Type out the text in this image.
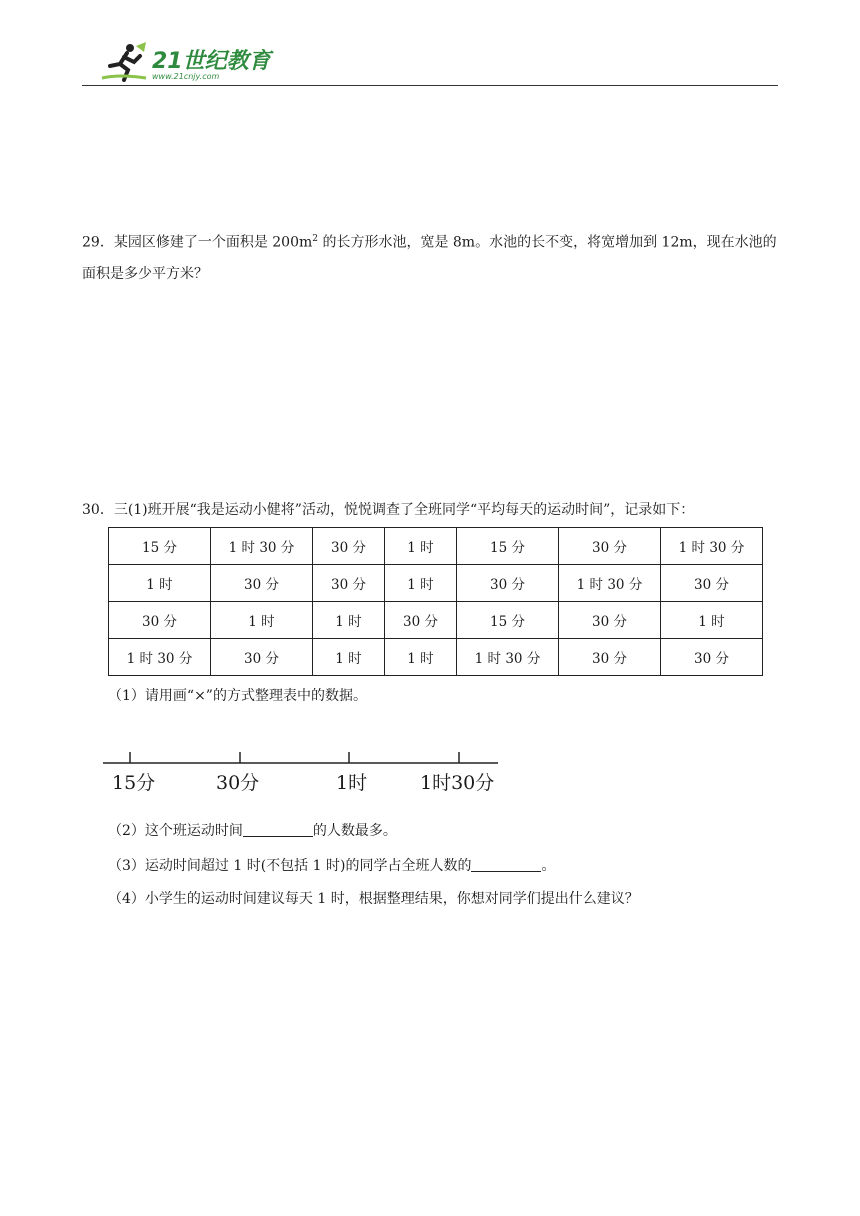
21世纪教育
www.21cnjy.com
29．某园区修建了一个面积是 $200m^2$ 的长方形水池，宽是 8m。水池的长不变，将宽增加到 12m，现在水池的面积是多少平方米？
30．三(1)班开展“我是运动小健将”活动，悦悦调查了全班同学“平均每天的运动时间”，记录如下：
15 分	1 时 30 分	30 分	1 时	15 分	30 分	1 时 30 分
1 时	30 分	30 分	1 时	30 分	1 时 30 分	30 分
30 分	1 时	1 时	30 分	15 分	30 分	1 时
1 时 30 分	30 分	1 时	1 时	1 时 30 分	30 分	30 分
（1）请用画“×”的方式整理表中的数据。
15分	30分	1时	1时30分
（2）这个班运动时间	的人数最多。
（3）运动时间超过 1 时(不包括 1 时)的同学占全班人数的	。
（4）小学生的运动时间建议每天 1 时，根据整理结果，你想对同学们提出什么建议？
